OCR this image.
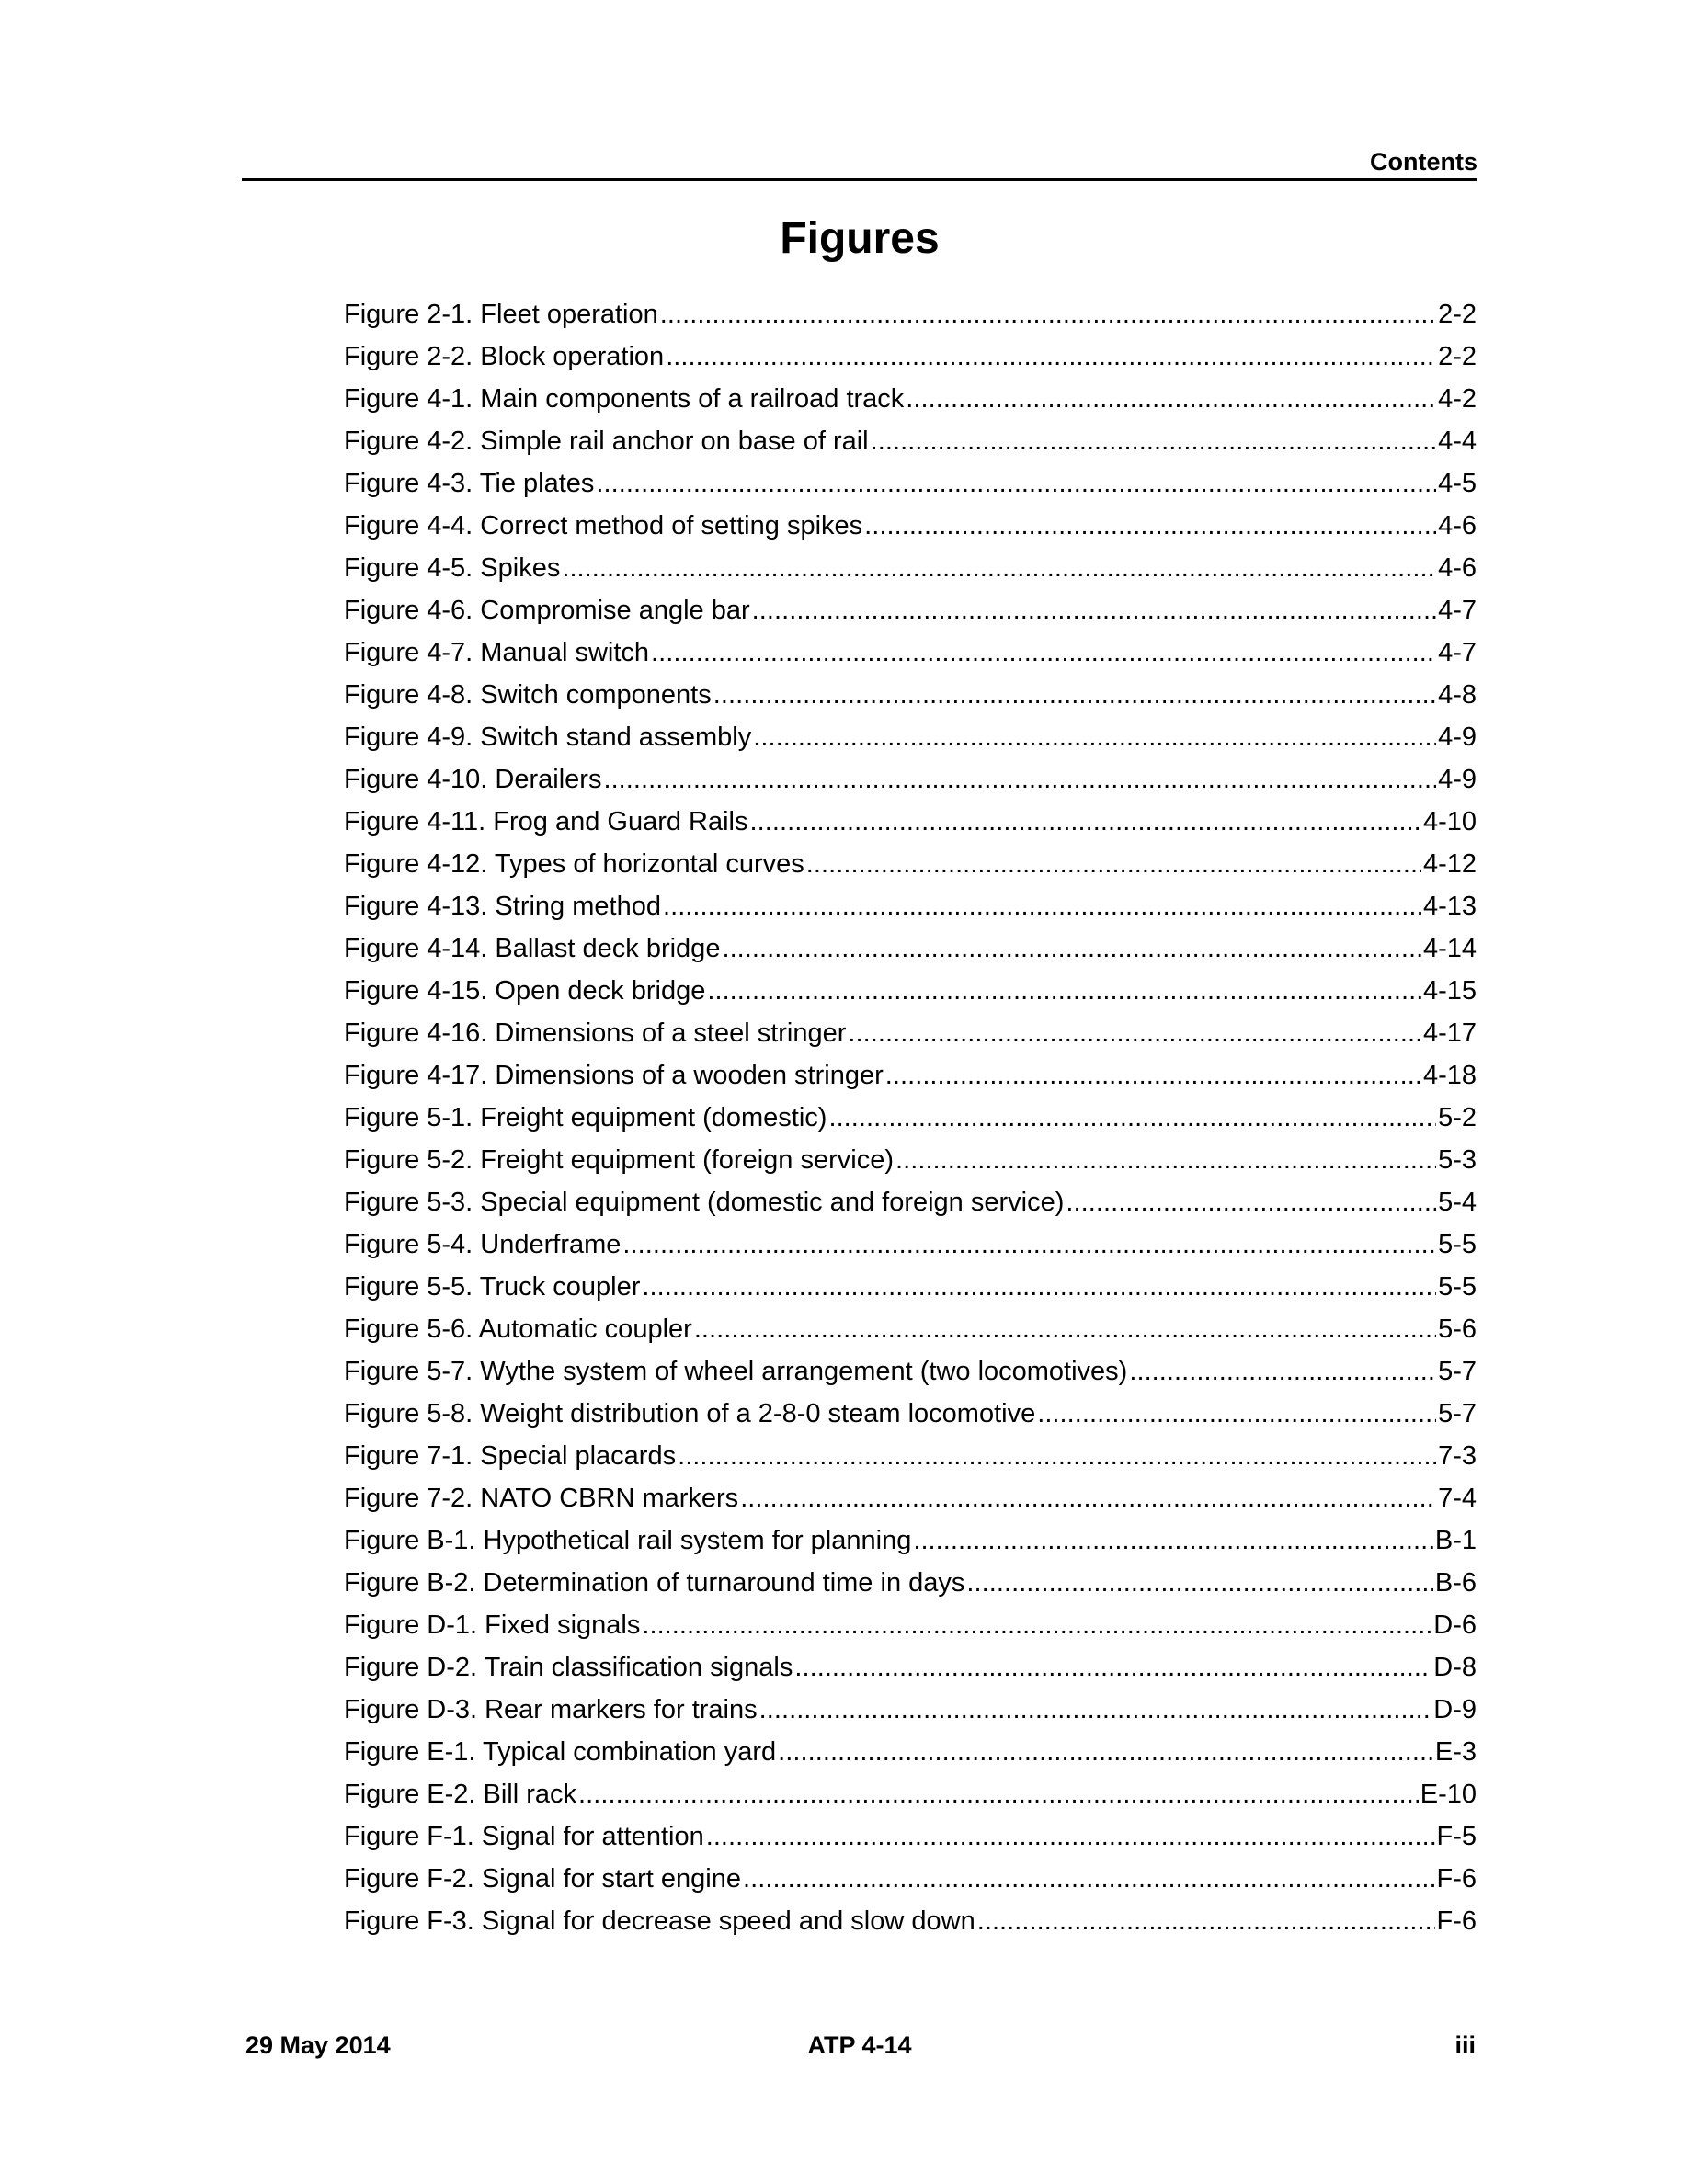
Contents
Figures
Figure 2-1. Fleet operation . . .	2-2
Figure 2-2. Block operation . . .	2-2
Figure 4-1. Main components of a railroad track . . .	4-2
Figure 4-2. Simple rail anchor on base of rail . . .	4-4
Figure 4-3. Tie plates . . .	4-5
Figure 4-4. Correct method of setting spikes . . .	4-6
Figure 4-5. Spikes . . .	4-6
Figure 4-6. Compromise angle bar . . .	4-7
Figure 4-7. Manual switch . . .	4-7
Figure 4-8. Switch components . . .	4-8
Figure 4-9. Switch stand assembly . . .	4-9
Figure 4-10. Derailers . . .	4-9
Figure 4-11. Frog and Guard Rails . . .	4-10
Figure 4-12. Types of horizontal curves . . .	4-12
Figure 4-13. String method . . .	4-13
Figure 4-14. Ballast deck bridge . . .	4-14
Figure 4-15. Open deck bridge . . .	4-15
Figure 4-16. Dimensions of a steel stringer . . .	4-17
Figure 4-17. Dimensions of a wooden stringer . . .	4-18
Figure 5-1. Freight equipment (domestic) . . .	5-2
Figure 5-2. Freight equipment (foreign service) . . .	5-3
Figure 5-3. Special equipment (domestic and foreign service) . . .	5-4
Figure 5-4. Underframe . . .	5-5
Figure 5-5. Truck coupler . . .	5-5
Figure 5-6. Automatic coupler . . .	5-6
Figure 5-7. Wythe system of wheel arrangement (two locomotives) . . .	5-7
Figure 5-8. Weight distribution of a 2-8-0 steam locomotive . . .	5-7
Figure 7-1. Special placards . . .	7-3
Figure 7-2. NATO CBRN markers . . .	7-4
Figure B-1. Hypothetical rail system for planning . . .	B-1
Figure B-2. Determination of turnaround time in days . . .	B-6
Figure D-1. Fixed signals . . .	D-6
Figure D-2. Train classification signals . . .	D-8
Figure D-3. Rear markers for trains . . .	D-9
Figure E-1. Typical combination yard . . .	E-3
Figure E-2. Bill rack . . .	E-10
Figure F-1. Signal for attention . . .	F-5
Figure F-2. Signal for start engine . . .	F-6
Figure F-3. Signal for decrease speed and slow down . . .	F-6
29 May 2014	ATP 4-14	iii
